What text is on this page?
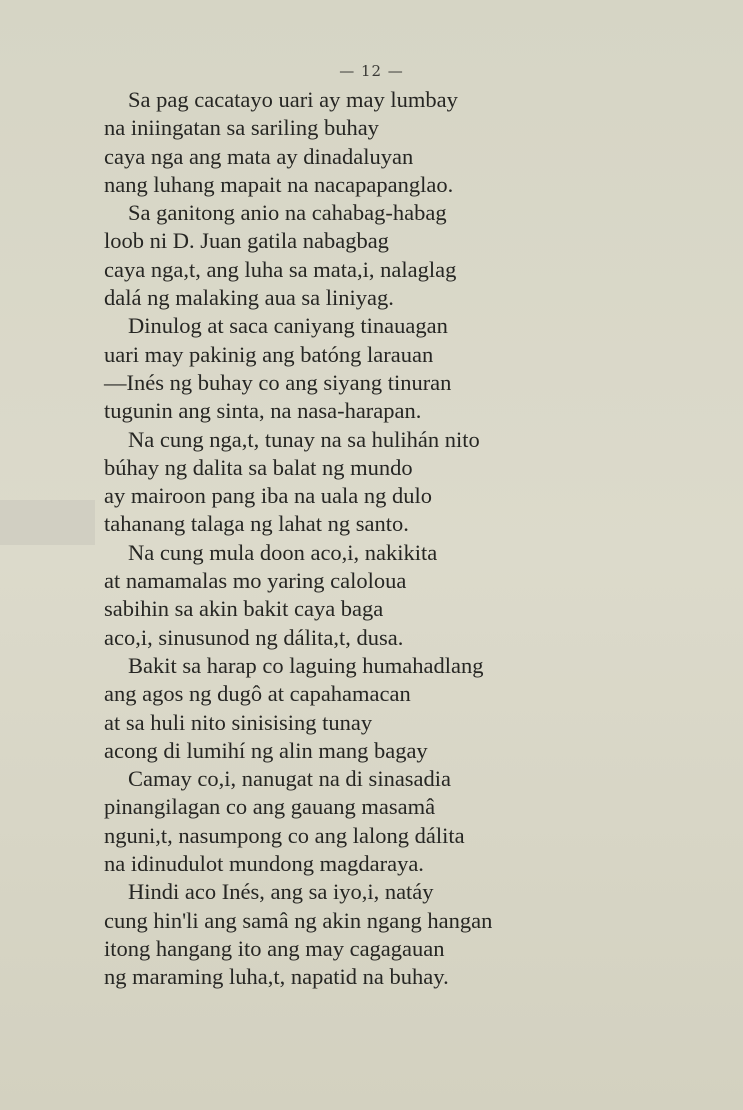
— 12 —
Sa pag cacatayo uari ay may lumbay
na iniingatan sa sariling buhay
caya nga ang mata ay dinadaluyan
nang luhang mapait na nacapapanglao.
Sa ganitong anio na cahabag-habag
loob ni D. Juan gatila nabagbag
caya nga,t, ang luha sa mata,i, nalaglag
dalá ng malaking aua sa liniyag.
Dinulog at saca caniyang tinauagan
uari may pakinig ang batóng larauan
—Inés ng buhay co ang siyang tinuran
tugunin ang sinta, na nasa-harapan.
Na cung nga,t, tunay na sa hulihán nito
búhay ng dalita sa balat ng mundo
ay mairoon pang iba na uala ng dulo
tahanang talaga ng lahat ng santo.
Na cung mula doon aco,i, nakikita
at namamalas mo yaring caloloua
sabihin sa akin bakit caya baga
aco,i, sinusunod ng dálita,t, dusa.
Bakit sa harap co laguing humahadlang
ang agos ng dugô at capahamacan
at sa huli nito sinisising tunay
acong di lumihí ng alin mang bagay
Camay co,i, nanugat na di sinasadia
pinangilagan co ang gauang masamâ
nguni,t, nasumpong co ang lalong dálita
na idinudulot mundong magdaraya.
Hindi aco Inés, ang sa iyo,i, natáy
cung hin'li ang samâ ng akin ngang hangan
itong hangang ito ang may cagagauan
ng maraming luha,t, napatid na buhay.
